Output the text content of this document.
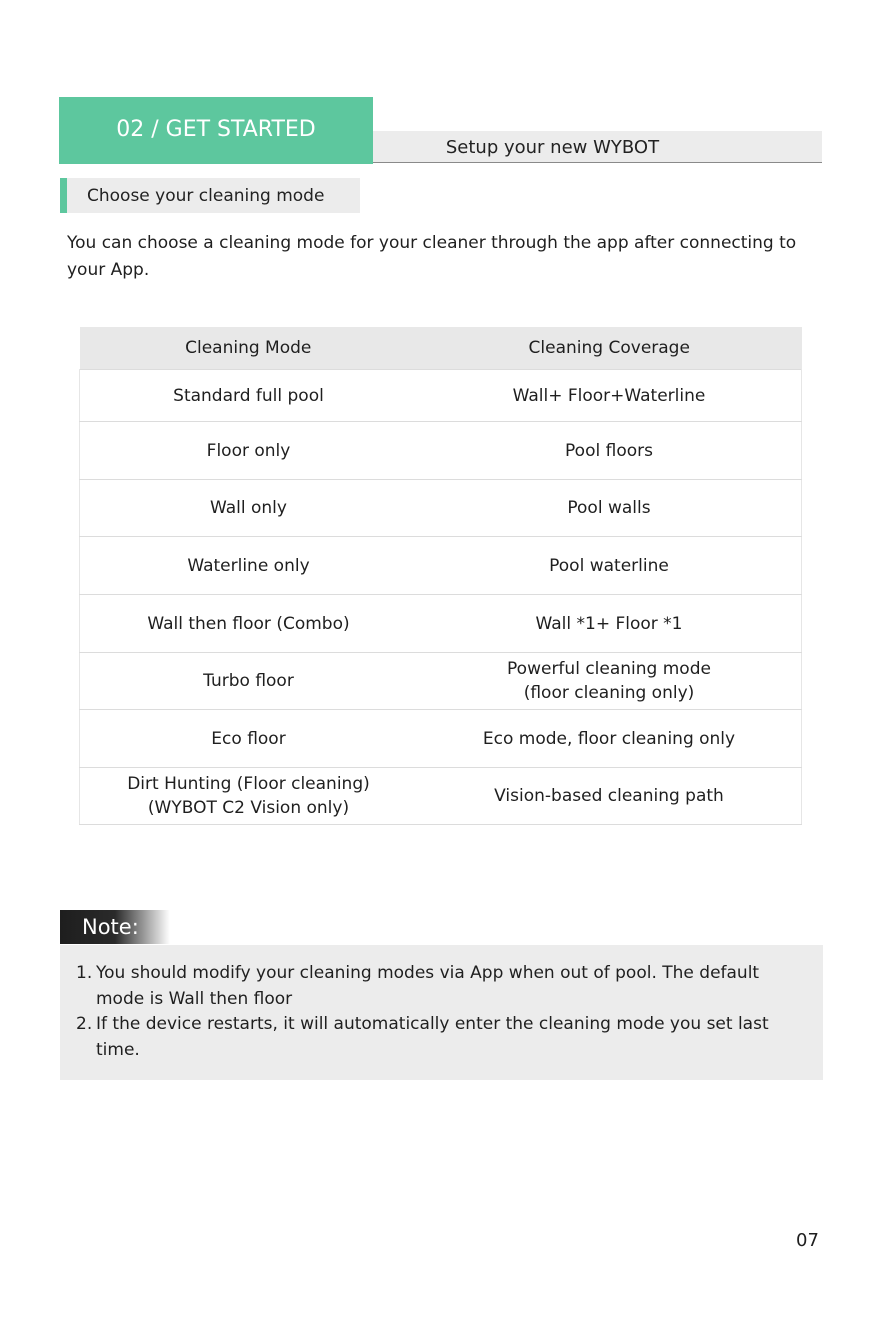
02 / GET STARTED
Setup your new WYBOT
Choose your cleaning mode

You can choose a cleaning mode for your cleaner through the app after connecting to your App.

Cleaning Mode	Cleaning Coverage
Standard full pool	Wall+ Floor+Waterline
Floor only	Pool floors
Wall only	Pool walls
Waterline only	Pool waterline
Wall then floor (Combo)	Wall *1+ Floor *1
Turbo floor	Powerful cleaning mode
(floor cleaning only)
Eco floor	Eco mode, floor cleaning only
Dirt Hunting (Floor cleaning)
(WYBOT C2 Vision only)	Vision-based cleaning path
Note:
1. You should modify your cleaning modes via App when out of pool. The default mode is Wall then floor
2. If the device restarts, it will automatically enter the cleaning mode you set last time.
07
